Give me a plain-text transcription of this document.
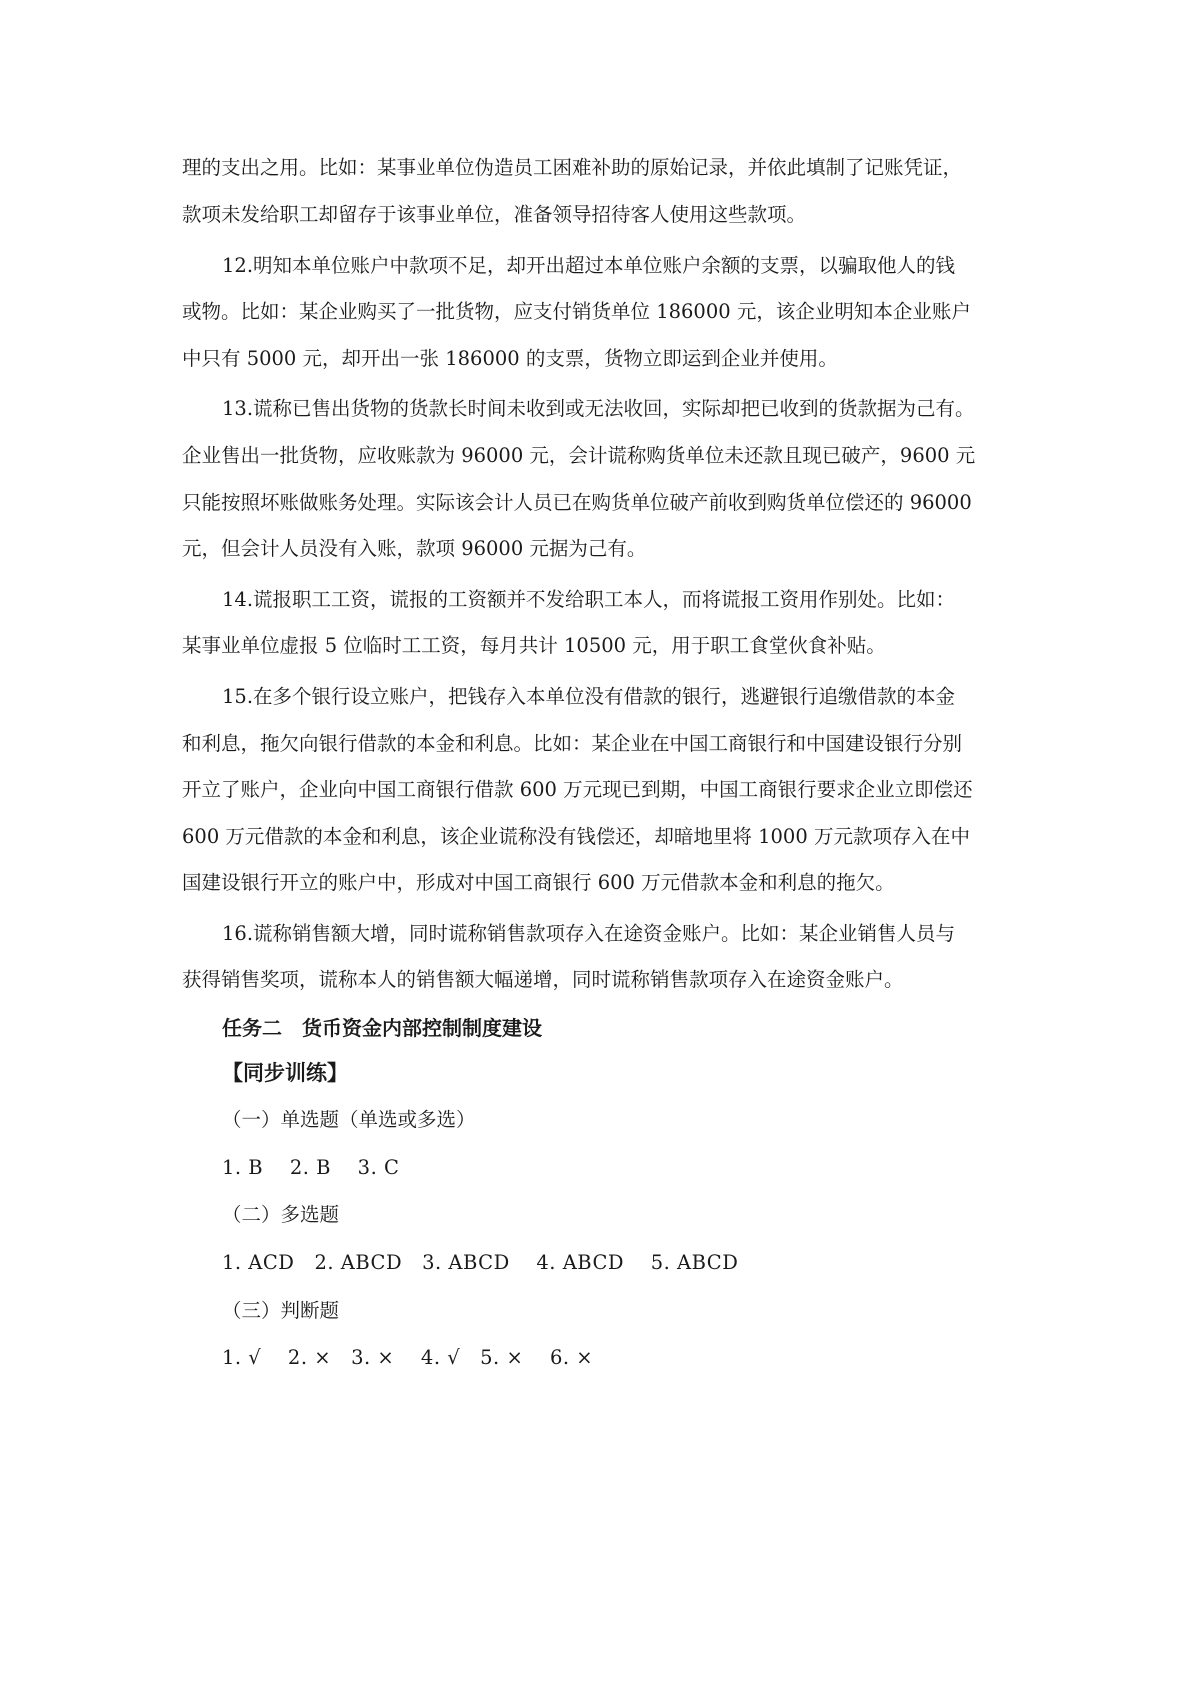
理的支出之用。比如：某事业单位伪造员工困难补助的原始记录，并依此填制了记账凭证，
款项未发给职工却留存于该事业单位，准备领导招待客人使用这些款项。
12.明知本单位账户中款项不足，却开出超过本单位账户余额的支票，以骗取他人的钱
或物。比如：某企业购买了一批货物，应支付销货单位 186000 元，该企业明知本企业账户
中只有 5000 元，却开出一张 186000 的支票，货物立即运到企业并使用。
13.谎称已售出货物的货款长时间未收到或无法收回，实际却把已收到的货款据为己有。
企业售出一批货物，应收账款为 96000 元，会计谎称购货单位未还款且现已破产，9600 元
只能按照坏账做账务处理。实际该会计人员已在购货单位破产前收到购货单位偿还的 96000
元，但会计人员没有入账，款项 96000 元据为己有。
14.谎报职工工资，谎报的工资额并不发给职工本人，而将谎报工资用作别处。比如：
某事业单位虚报 5 位临时工工资，每月共计 10500 元，用于职工食堂伙食补贴。
15.在多个银行设立账户，把钱存入本单位没有借款的银行，逃避银行追缴借款的本金
和利息，拖欠向银行借款的本金和利息。比如：某企业在中国工商银行和中国建设银行分别
开立了账户，企业向中国工商银行借款 600 万元现已到期，中国工商银行要求企业立即偿还
600 万元借款的本金和利息，该企业谎称没有钱偿还，却暗地里将 1000 万元款项存入在中
国建设银行开立的账户中，形成对中国工商银行 600 万元借款本金和利息的拖欠。
16.谎称销售额大增，同时谎称销售款项存入在途资金账户。比如：某企业销售人员与
获得销售奖项，谎称本人的销售额大幅递增，同时谎称销售款项存入在途资金账户。
任务二　货币资金内部控制制度建设
【同步训练】
（一）单选题（单选或多选）
1. B　 2. B　 3. C
（二）多选题
1. ACD　2. ABCD　3. ABCD　 4. ABCD　 5. ABCD
（三）判断题
1. √　 2. ×　3. ×　 4. √　5. ×　 6. ×
